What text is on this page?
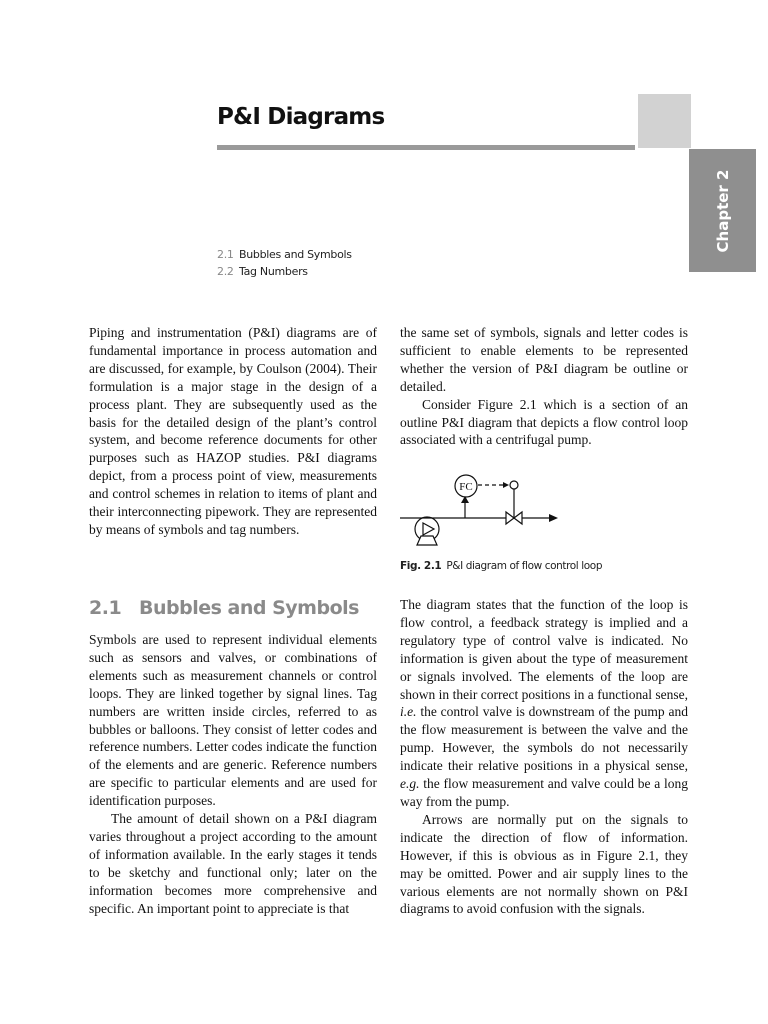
Chapter 2
P&I Diagrams
2.1 Bubbles and Symbols
2.2 Tag Numbers

Piping and instrumentation (P&I) diagrams are of fundamental importance in process automation and are discussed, for example, by Coulson (2004). Their formulation is a major stage in the design of a process plant. They are subsequently used as the basis for the detailed design of the plant’s control system, and become reference documents for other purposes such as HAZOP studies. P&I diagrams depict, from a process point of view, measurements and control schemes in relation to items of plant and their interconnecting pipework. They are represented by means of symbols and tag numbers.

the same set of symbols, signals and letter codes is sufficient to enable elements to be represented whether the version of P&I diagram be outline or detailed.

Consider Figure 2.1 which is a section of an outline P&I diagram that depicts a flow control loop associated with a centrifugal pump.

FC
Fig. 2.1 P&I diagram of flow control loop
2.1 Bubbles and Symbols

Symbols are used to represent individual elements such as sensors and valves, or combinations of elements such as measurement channels or control loops. They are linked together by signal lines. Tag numbers are written inside circles, referred to as bubbles or balloons. They consist of letter codes and reference numbers. Letter codes indicate the function of the elements and are generic. Reference numbers are specific to particular elements and are used for identification purposes.

The amount of detail shown on a P&I diagram varies throughout a project according to the amount of information available. In the early stages it tends to be sketchy and functional only; later on the information becomes more comprehensive and specific. An important point to appreciate is that

The diagram states that the function of the loop is flow control, a feedback strategy is implied and a regulatory type of control valve is indicated. No information is given about the type of measurement or signals involved. The elements of the loop are shown in their correct positions in a functional sense, i.e. the control valve is downstream of the pump and the flow measurement is between the valve and the pump. However, the symbols do not necessarily indicate their relative positions in a physical sense, e.g. the flow measurement and valve could be a long way from the pump.

Arrows are normally put on the signals to indicate the direction of flow of information. However, if this is obvious as in Figure 2.1, they may be omitted. Power and air supply lines to the various elements are not normally shown on P&I diagrams to avoid confusion with the signals.
